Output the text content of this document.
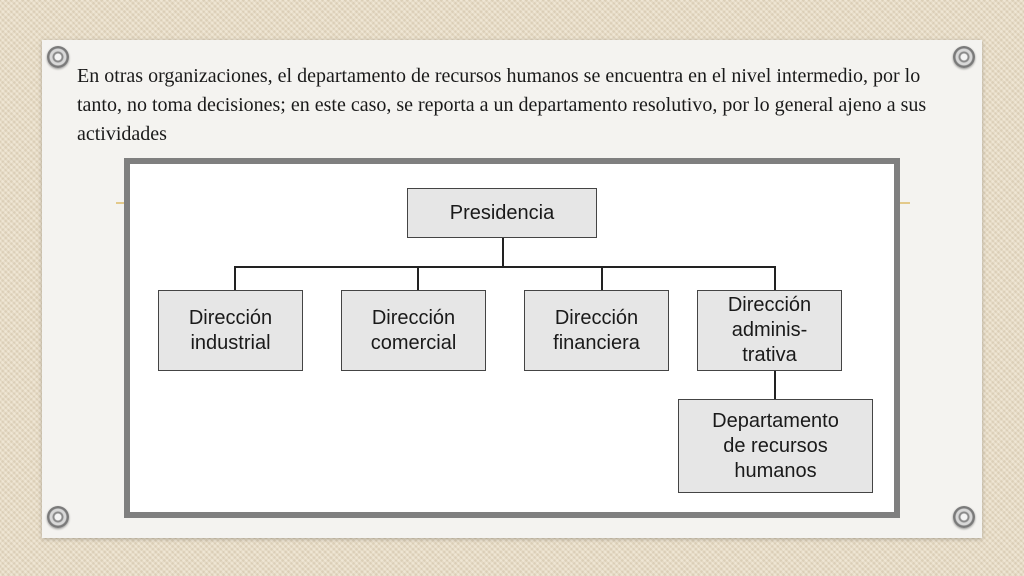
En otras organizaciones, el departamento de recursos humanos se encuentra en el nivel intermedio, por lo tanto, no toma decisiones; en este caso, se reporta a un departamento resolutivo, por lo general ajeno a sus actividades

Presidencia
Dirección
industrial
Dirección
comercial
Dirección
financiera
Dirección
adminis-
trativa
Departamento
de recursos
humanos
